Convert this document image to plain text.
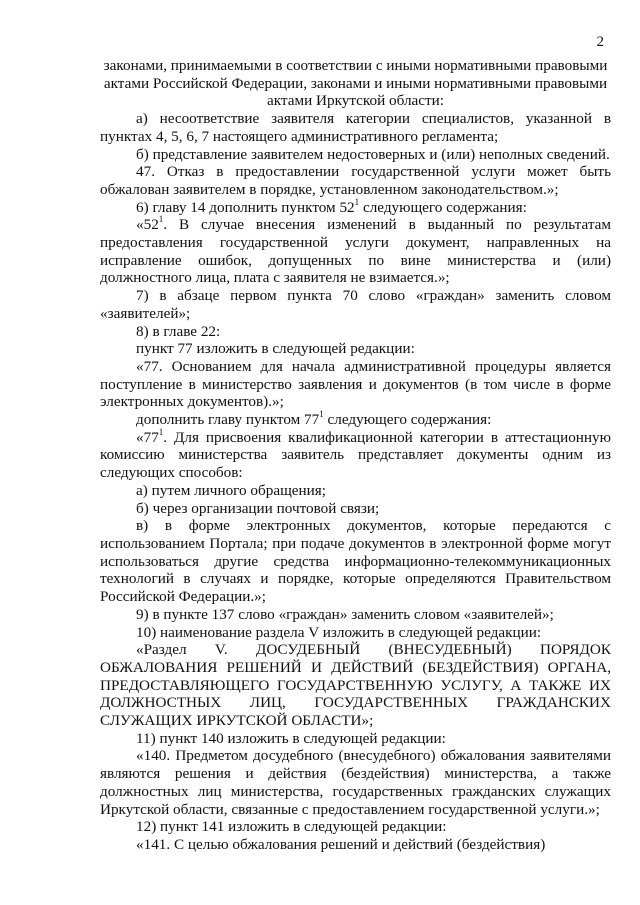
2

законами, принимаемыми в соответствии с иными нормативными правовыми актами Российской Федерации, законами и иными нормативными правовыми актами Иркутской области:

а) несоответствие заявителя категории специалистов, указанной в пунктах 4, 5, 6, 7 настоящего административного регламента;

б) представление заявителем недостоверных и (или) неполных сведений.

47. Отказ в предоставлении государственной услуги может быть обжалован заявителем в порядке, установленном законодательством.»;

6) главу 14 дополнить пунктом $52^1$ следующего содержания:

«$52^1$. В случае внесения изменений в выданный по результатам предоставления государственной услуги документ, направленных на исправление ошибок, допущенных по вине министерства и (или) должностного лица, плата с заявителя не взимается.»;

7) в абзаце первом пункта 70 слово «граждан» заменить словом «заявителей»;

8) в главе 22:

пункт 77 изложить в следующей редакции:

«77. Основанием для начала административной процедуры является поступление в министерство заявления и документов (в том числе в форме электронных документов).»;

дополнить главу пунктом $77^1$ следующего содержания:

«$77^1$. Для присвоения квалификационной категории в аттестационную комиссию министерства заявитель представляет документы одним из следующих способов:

а) путем личного обращения;

б) через организации почтовой связи;

в) в форме электронных документов, которые передаются с использованием Портала; при подаче документов в электронной форме могут использоваться другие средства информационно-телекоммуникационных технологий в случаях и порядке, которые определяются Правительством Российской Федерации.»;

9) в пункте 137 слово «граждан» заменить словом «заявителей»;

10) наименование раздела V изложить в следующей редакции:

«Раздел V. ДОСУДЕБНЫЙ (ВНЕСУДЕБНЫЙ) ПОРЯДОК ОБЖАЛОВАНИЯ РЕШЕНИЙ И ДЕЙСТВИЙ (БЕЗДЕЙСТВИЯ) ОРГАНА, ПРЕДОСТАВЛЯЮЩЕГО ГОСУДАРСТВЕННУЮ УСЛУГУ, А ТАКЖЕ ИХ ДОЛЖНОСТНЫХ ЛИЦ, ГОСУДАРСТВЕННЫХ ГРАЖДАНСКИХ СЛУЖАЩИХ ИРКУТСКОЙ ОБЛАСТИ»;

11) пункт 140 изложить в следующей редакции:

«140. Предметом досудебного (внесудебного) обжалования заявителями являются решения и действия (бездействия) министерства, а также должностных лиц министерства, государственных гражданских служащих Иркутской области, связанные с предоставлением государственной услуги.»;

12) пункт 141 изложить в следующей редакции:

«141. С целью обжалования решений и действий (бездействия)
